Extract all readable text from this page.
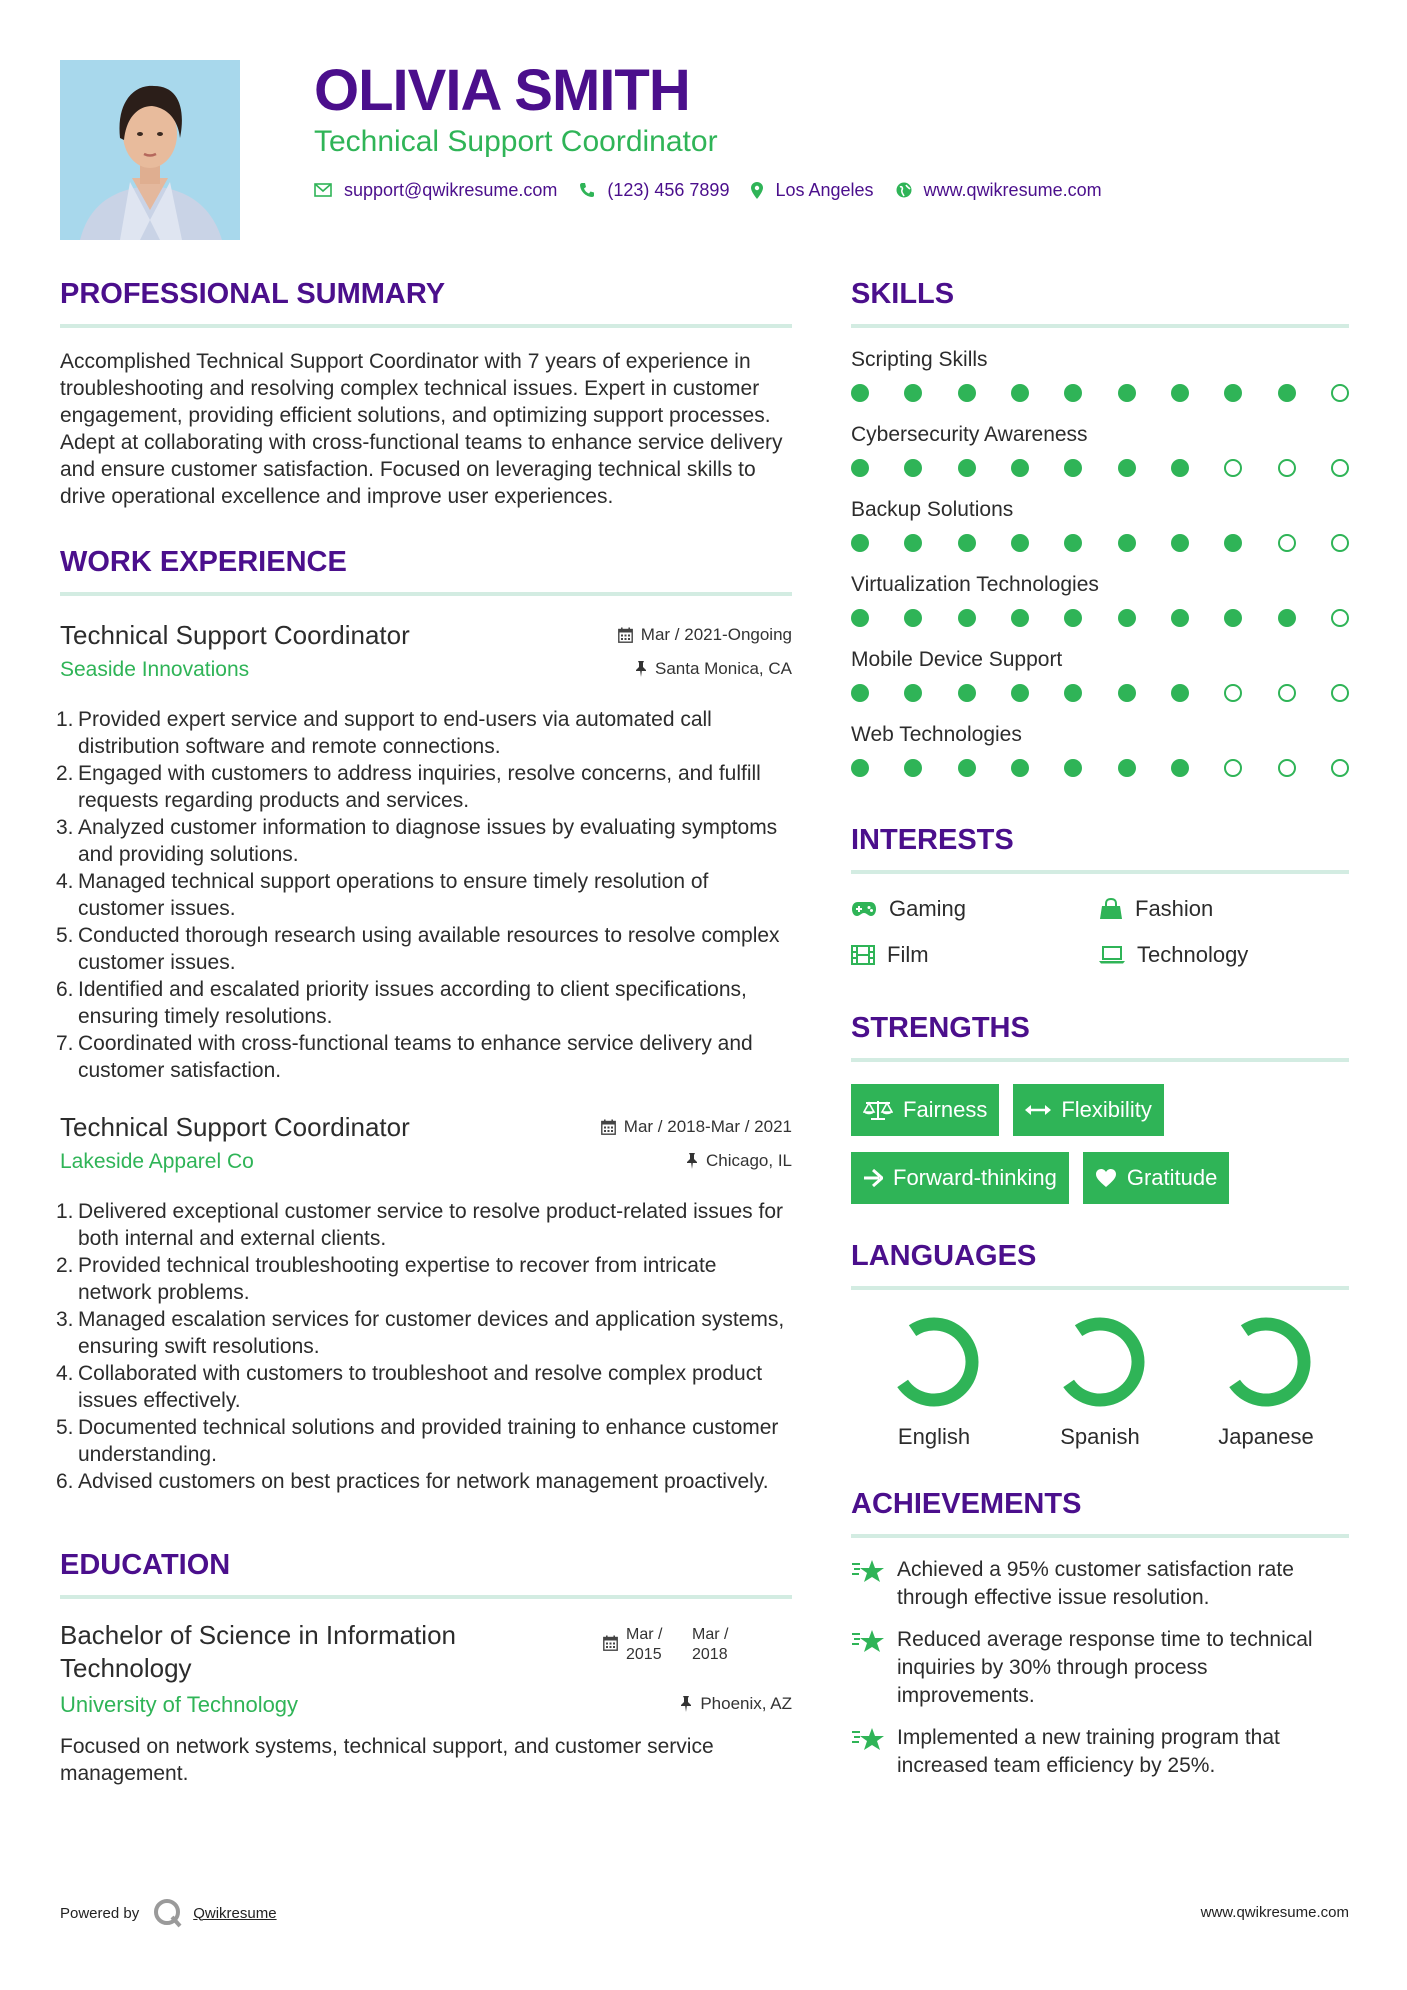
OLIVIA SMITH
Technical Support Coordinator
support@qwikresume.com	(123) 456 7899	Los Angeles	www.qwikresume.com
PROFESSIONAL SUMMARY

Accomplished Technical Support Coordinator with 7 years of experience in troubleshooting and resolving complex technical issues. Expert in customer engagement, providing efficient solutions, and optimizing support processes. Adept at collaborating with cross-functional teams to enhance service delivery and ensure customer satisfaction. Focused on leveraging technical skills to drive operational excellence and improve user experiences.

WORK EXPERIENCE
Technical Support Coordinator
Seaside Innovations
Mar / 2021-Ongoing
Santa Monica, CA
1. Provided expert service and support to end-users via automated call distribution software and remote connections.
2. Engaged with customers to address inquiries, resolve concerns, and fulfill requests regarding products and services.
3. Analyzed customer information to diagnose issues by evaluating symptoms and providing solutions.
4. Managed technical support operations to ensure timely resolution of customer issues.
5. Conducted thorough research using available resources to resolve complex customer issues.
6. Identified and escalated priority issues according to client specifications, ensuring timely resolutions.
7. Coordinated with cross-functional teams to enhance service delivery and customer satisfaction.
Technical Support Coordinator
Lakeside Apparel Co
Mar / 2018-Mar / 2021
Chicago, IL
1. Delivered exceptional customer service to resolve product-related issues for both internal and external clients.
2. Provided technical troubleshooting expertise to recover from intricate network problems.
3. Managed escalation services for customer devices and application systems, ensuring swift resolutions.
4. Collaborated with customers to troubleshoot and resolve complex product issues effectively.
5. Documented technical solutions and provided training to enhance customer understanding.
6. Advised customers on best practices for network management proactively.
EDUCATION
Bachelor of Science in Information Technology
University of Technology
Mar / 2015
Mar / 2018
Phoenix, AZ

Focused on network systems, technical support, and customer service management.

SKILLS
Scripting Skills
Cybersecurity Awareness
Backup Solutions
Virtualization Technologies
Mobile Device Support
Web Technologies
INTERESTS
Gaming	Fashion
Film	Technology
STRENGTHS
Fairness	Flexibility
Forward-thinking	Gratitude
LANGUAGES
English	Spanish	Japanese
ACHIEVEMENTS
Achieved a 95% customer satisfaction rate through effective issue resolution.
Reduced average response time to technical inquiries by 30% through process improvements.
Implemented a new training program that increased team efficiency by 25%.
Powered by	Qwikresume	www.qwikresume.com
